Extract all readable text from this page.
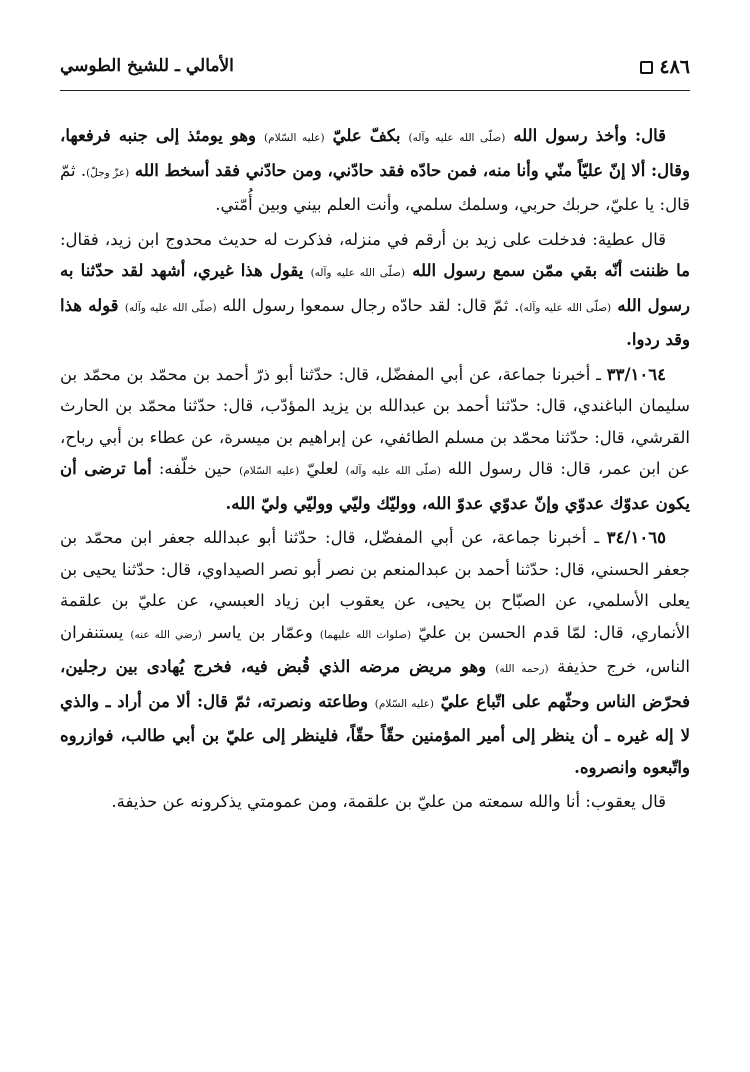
٤٨٦
الأمالي ـ للشيخ الطوسي

قال: وأخذ رسول الله (صلّى الله عليه وآله) بكفّ عليّ (عليه السّلام) وهو يومئذ إلى جنبه فرفعها، وقال: ألا إنّ عليّاً منّي وأنا منه، فمن حادّه فقد حادّني، ومن حادّني فقد أسخط الله (عزّ وجلّ). ثمّ قال: يا عليّ، حربك حربي، وسلمك سلمي، وأنت العلم بيني وبين أُمّتي.

قال عطية: فدخلت على زيد بن أرقم في منزله، فذكرت له حديث محدوج ابن زيد، فقال: ما ظننت أنّه بقي ممّن سمع رسول الله (صلّى الله عليه وآله) يقول هذا غيري، أشهد لقد حدّثنا به رسول الله (صلّى الله عليه وآله). ثمّ قال: لقد حادّه رجال سمعوا رسول الله (صلّى الله عليه وآله) قوله هذا وقد ردوا.

٣٣/١٠٦٤ ـ أخبرنا جماعة، عن أبي المفضّل، قال: حدّثنا أبو ذرّ أحمد بن محمّد بن محمّد بن سليمان الباغندي، قال: حدّثنا أحمد بن عبدالله بن يزيد المؤدّب، قال: حدّثنا محمّد بن الحارث القرشي، قال: حدّثنا محمّد بن مسلم الطائفي، عن إبراهيم بن ميسرة، عن عطاء بن أبي رباح، عن ابن عمر، قال: قال رسول الله (صلّى الله عليه وآله) لعليّ (عليه السّلام) حين خلّفه: أما ترضى أن يكون عدوّك عدوّي وإنّ عدوّي عدوّ الله، ووليّك وليّي ووليّي وليّ الله.

٣٤/١٠٦٥ ـ أخبرنا جماعة، عن أبي المفضّل، قال: حدّثنا أبو عبدالله جعفر ابن محمّد بن جعفر الحسني، قال: حدّثنا أحمد بن عبدالمنعم بن نصر أبو نصر الصيداوي، قال: حدّثنا يحيى بن يعلى الأسلمي، عن الصبّاح بن يحيى، عن يعقوب ابن زياد العبسي، عن عليّ بن علقمة الأنماري، قال: لمّا قدم الحسن بن عليّ (صلوات الله عليهما) وعمّار بن ياسر (رضي الله عنه) يستنفران الناس، خرج حذيفة (رحمه الله) وهو مريض مرضه الذي قُبض فيه، فخرج يُهادى بين رجلين، فحرّض الناس وحثّهم على اتّباع عليّ (عليه السّلام) وطاعته ونصرته، ثمّ قال: ألا من أراد ـ والذي لا إله غيره ـ أن ينظر إلى أمير المؤمنين حقّاً حقّاً، فلينظر إلى عليّ بن أبي طالب، فوازروه واتّبعوه وانصروه.

قال يعقوب: أنا والله سمعته من عليّ بن علقمة، ومن عمومتي يذكرونه عن حذيفة.
